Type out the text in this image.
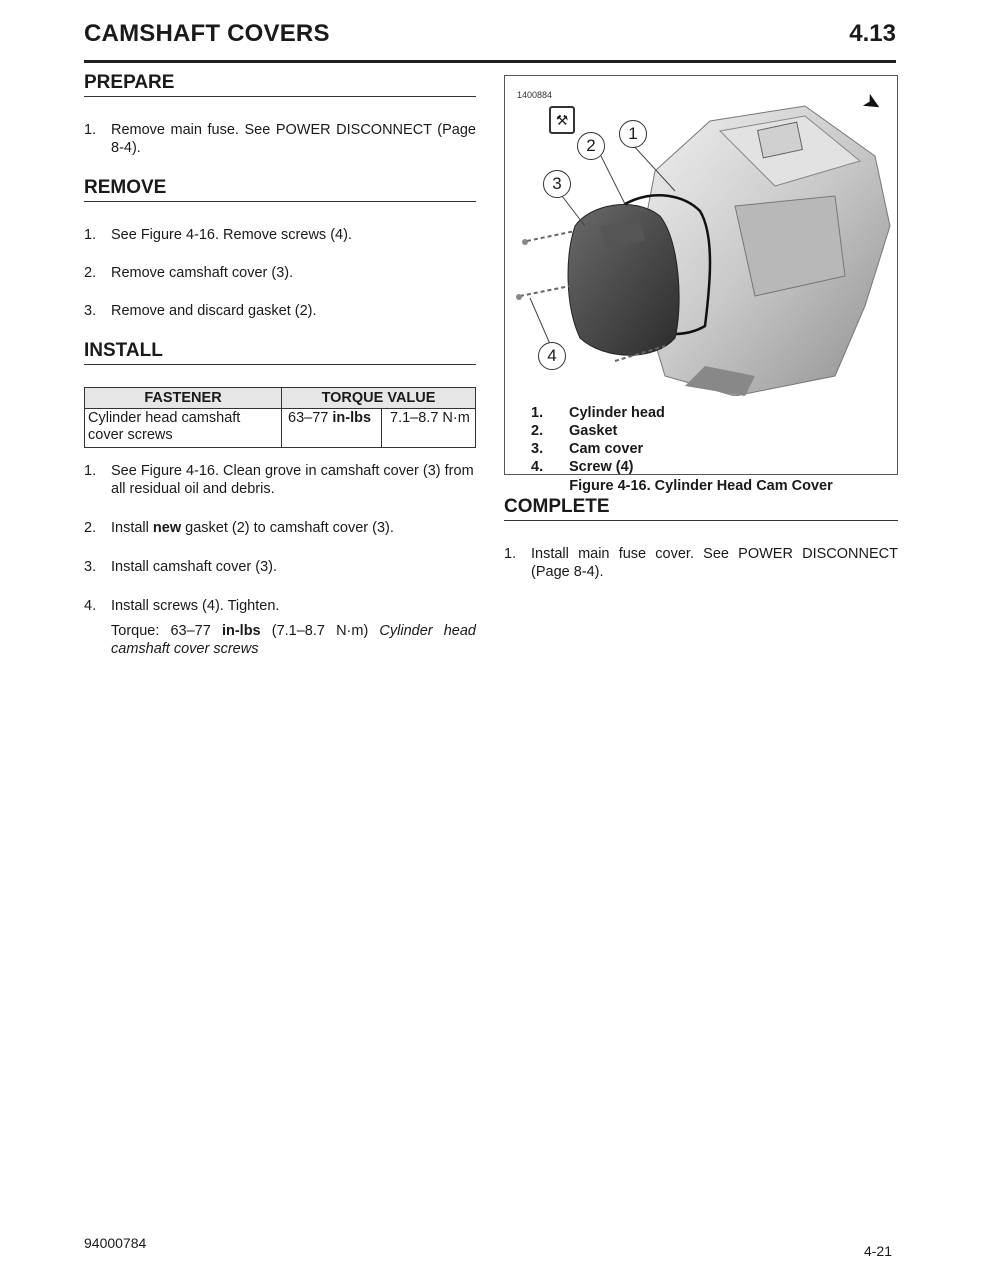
CAMSHAFT COVERS	4.13
PREPARE
1.	Remove main fuse. See POWER DISCONNECT (Page 8-4).
REMOVE
1.	See Figure 4-16. Remove screws (4).
2.	Remove camshaft cover (3).
3.	Remove and discard gasket (2).
INSTALL
FASTENER	TORQUE VALUE	
Cylinder head camshaft cover screws	63–77 in-lbs	7.1–8.7 N·m
1.	See Figure 4-16. Clean grove in camshaft cover (3) from all residual oil and debris.
2.	Install new gasket (2) to camshaft cover (3).
3.	Install camshaft cover (3).
4.	Install screws (4). Tighten.
Torque: 63–77 in-lbs (7.1–8.7 N·m) Cylinder head camshaft cover screws
1400884
⚒
➤
1
2
3
4
1.	Cylinder head
2.	Gasket
3.	Cam cover
4.	Screw (4)
Figure 4-16. Cylinder Head Cam Cover
COMPLETE
1.	Install main fuse cover. See POWER DISCONNECT (Page 8-4).
94000784	4-21
